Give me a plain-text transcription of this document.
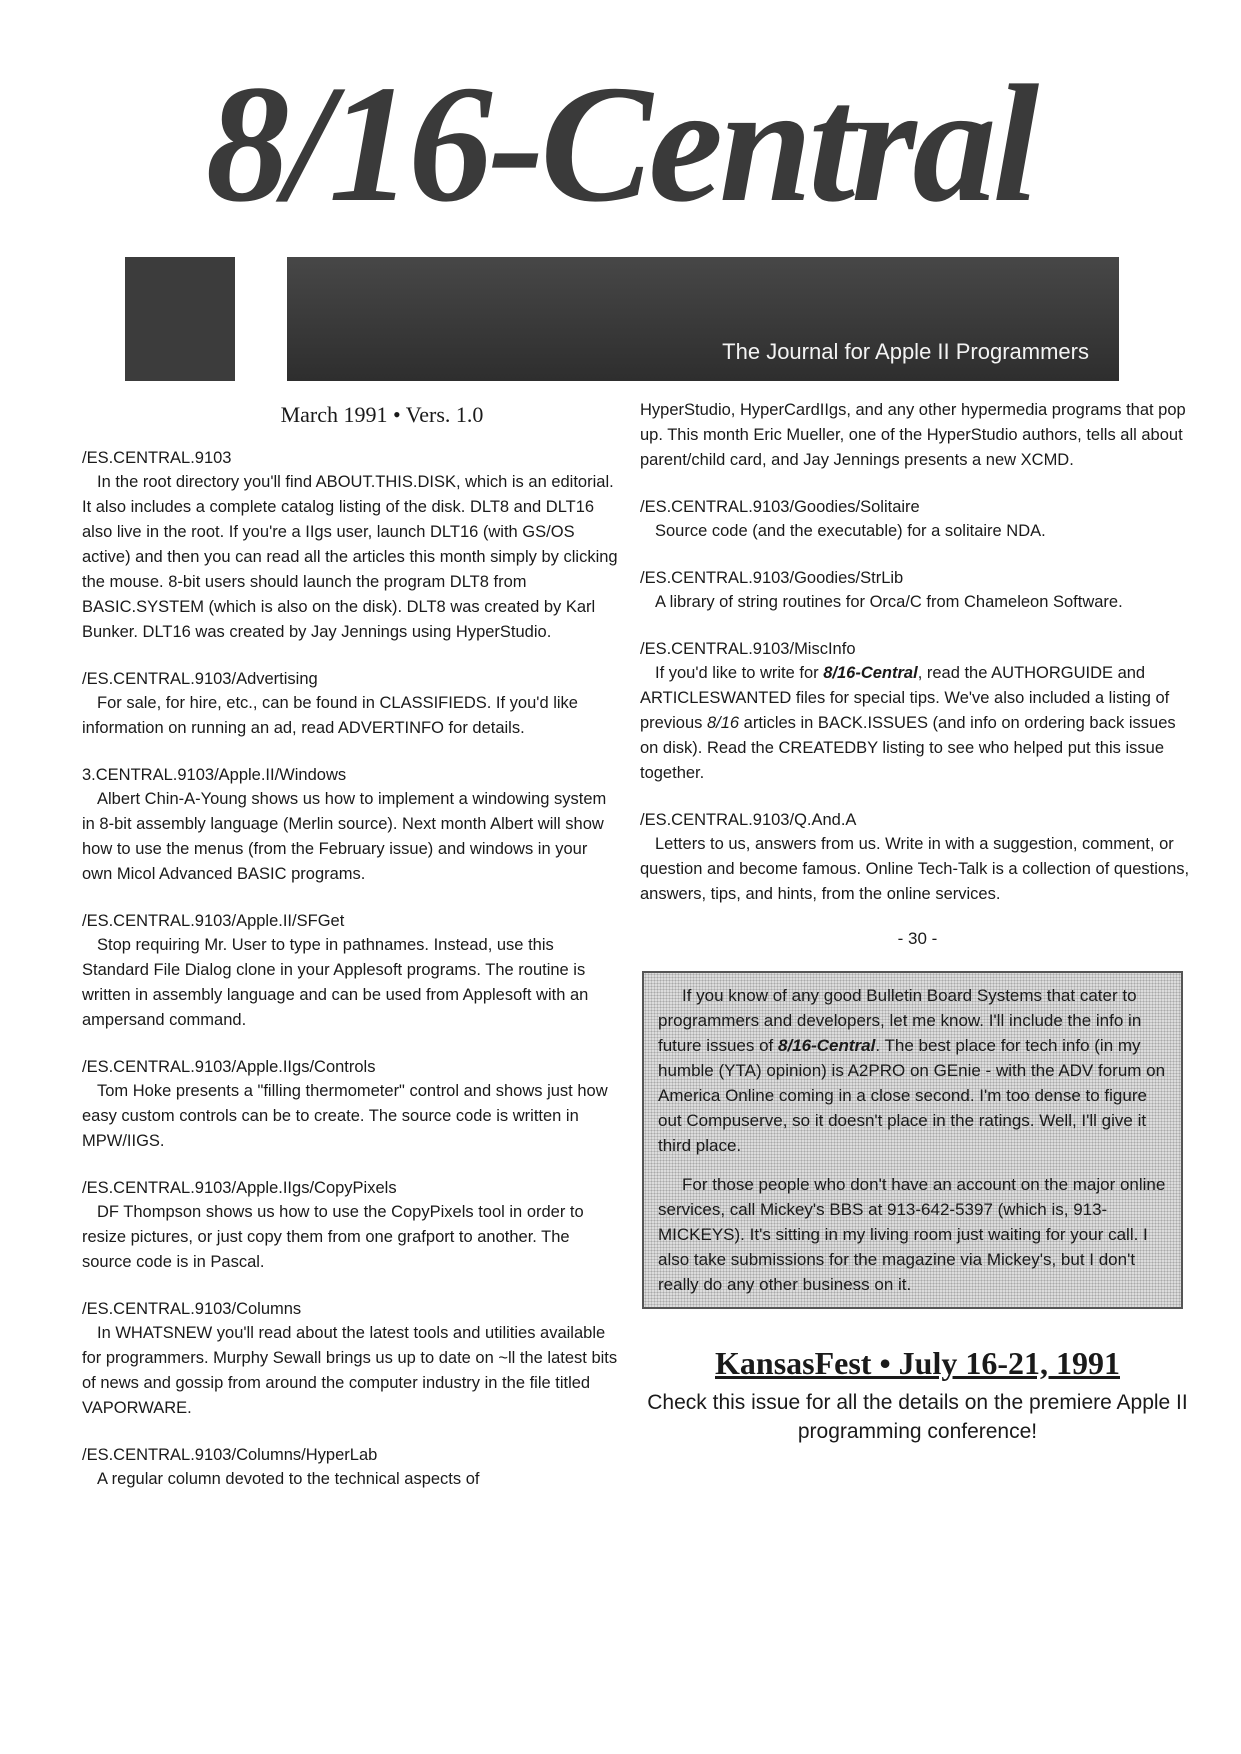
8/16-Central
The Journal for Apple II Programmers
March 1991 • Vers. 1.0
/ES.CENTRAL.9103

In the root directory you'll find ABOUT.THIS.DISK, which is an editorial. It also includes a complete catalog listing of the disk. DLT8 and DLT16 also live in the root. If you're a IIgs user, launch DLT16 (with GS/OS active) and then you can read all the articles this month simply by clicking the mouse. 8-bit users should launch the program DLT8 from BASIC.SYSTEM (which is also on the disk). DLT8 was created by Karl Bunker. DLT16 was created by Jay Jennings using HyperStudio.

/ES.CENTRAL.9103/Advertising

For sale, for hire, etc., can be found in CLASSIFIEDS. If you'd like information on running an ad, read ADVERTINFO for details.

3.CENTRAL.9103/Apple.II/Windows

Albert Chin-A-Young shows us how to implement a windowing system in 8-bit assembly language (Merlin source). Next month Albert will show how to use the menus (from the February issue) and windows in your own Micol Advanced BASIC programs.

/ES.CENTRAL.9103/Apple.II/SFGet

Stop requiring Mr. User to type in pathnames. Instead, use this Standard File Dialog clone in your Applesoft programs. The routine is written in assembly language and can be used from Applesoft with an ampersand command.

/ES.CENTRAL.9103/Apple.IIgs/Controls

Tom Hoke presents a "filling thermometer" control and shows just how easy custom controls can be to create. The source code is written in MPW/IIGS.

/ES.CENTRAL.9103/Apple.IIgs/CopyPixels

DF Thompson shows us how to use the CopyPixels tool in order to resize pictures, or just copy them from one grafport to another. The source code is in Pascal.

/ES.CENTRAL.9103/Columns

In WHATSNEW you'll read about the latest tools and utilities available for programmers. Murphy Sewall brings us up to date on ~ll the latest bits of news and gossip from around the computer industry in the file titled VAPORWARE.

/ES.CENTRAL.9103/Columns/HyperLab

A regular column devoted to the technical aspects of

HyperStudio, HyperCardIIgs, and any other hypermedia programs that pop up. This month Eric Mueller, one of the HyperStudio authors, tells all about parent/child card, and Jay Jennings presents a new XCMD.

/ES.CENTRAL.9103/Goodies/Solitaire

Source code (and the executable) for a solitaire NDA.

/ES.CENTRAL.9103/Goodies/StrLib

A library of string routines for Orca/C from Chameleon Software.

/ES.CENTRAL.9103/MiscInfo

If you'd like to write for 8/16-Central, read the AUTHORGUIDE and ARTICLESWANTED files for special tips. We've also included a listing of previous 8/16 articles in BACK.ISSUES (and info on ordering back issues on disk). Read the CREATEDBY listing to see who helped put this issue together.

/ES.CENTRAL.9103/Q.And.A

Letters to us, answers from us. Write in with a suggestion, comment, or question and become famous. Online Tech-Talk is a collection of questions, answers, tips, and hints, from the online services.

- 30 -

If you know of any good Bulletin Board Systems that cater to programmers and developers, let me know. I'll include the info in future issues of 8/16-Central. The best place for tech info (in my humble (YTA) opinion) is A2PRO on GEnie - with the ADV forum on America Online coming in a close second. I'm too dense to figure out Compuserve, so it doesn't place in the ratings. Well, I'll give it third place.

For those people who don't have an account on the major online services, call Mickey's BBS at 913-642-5397 (which is, 913-MICKEYS). It's sitting in my living room just waiting for your call. I also take submissions for the magazine via Mickey's, but I don't really do any other business on it.

KansasFest • July 16-21, 1991
Check this issue for all the details on the premiere Apple II programming conference!
